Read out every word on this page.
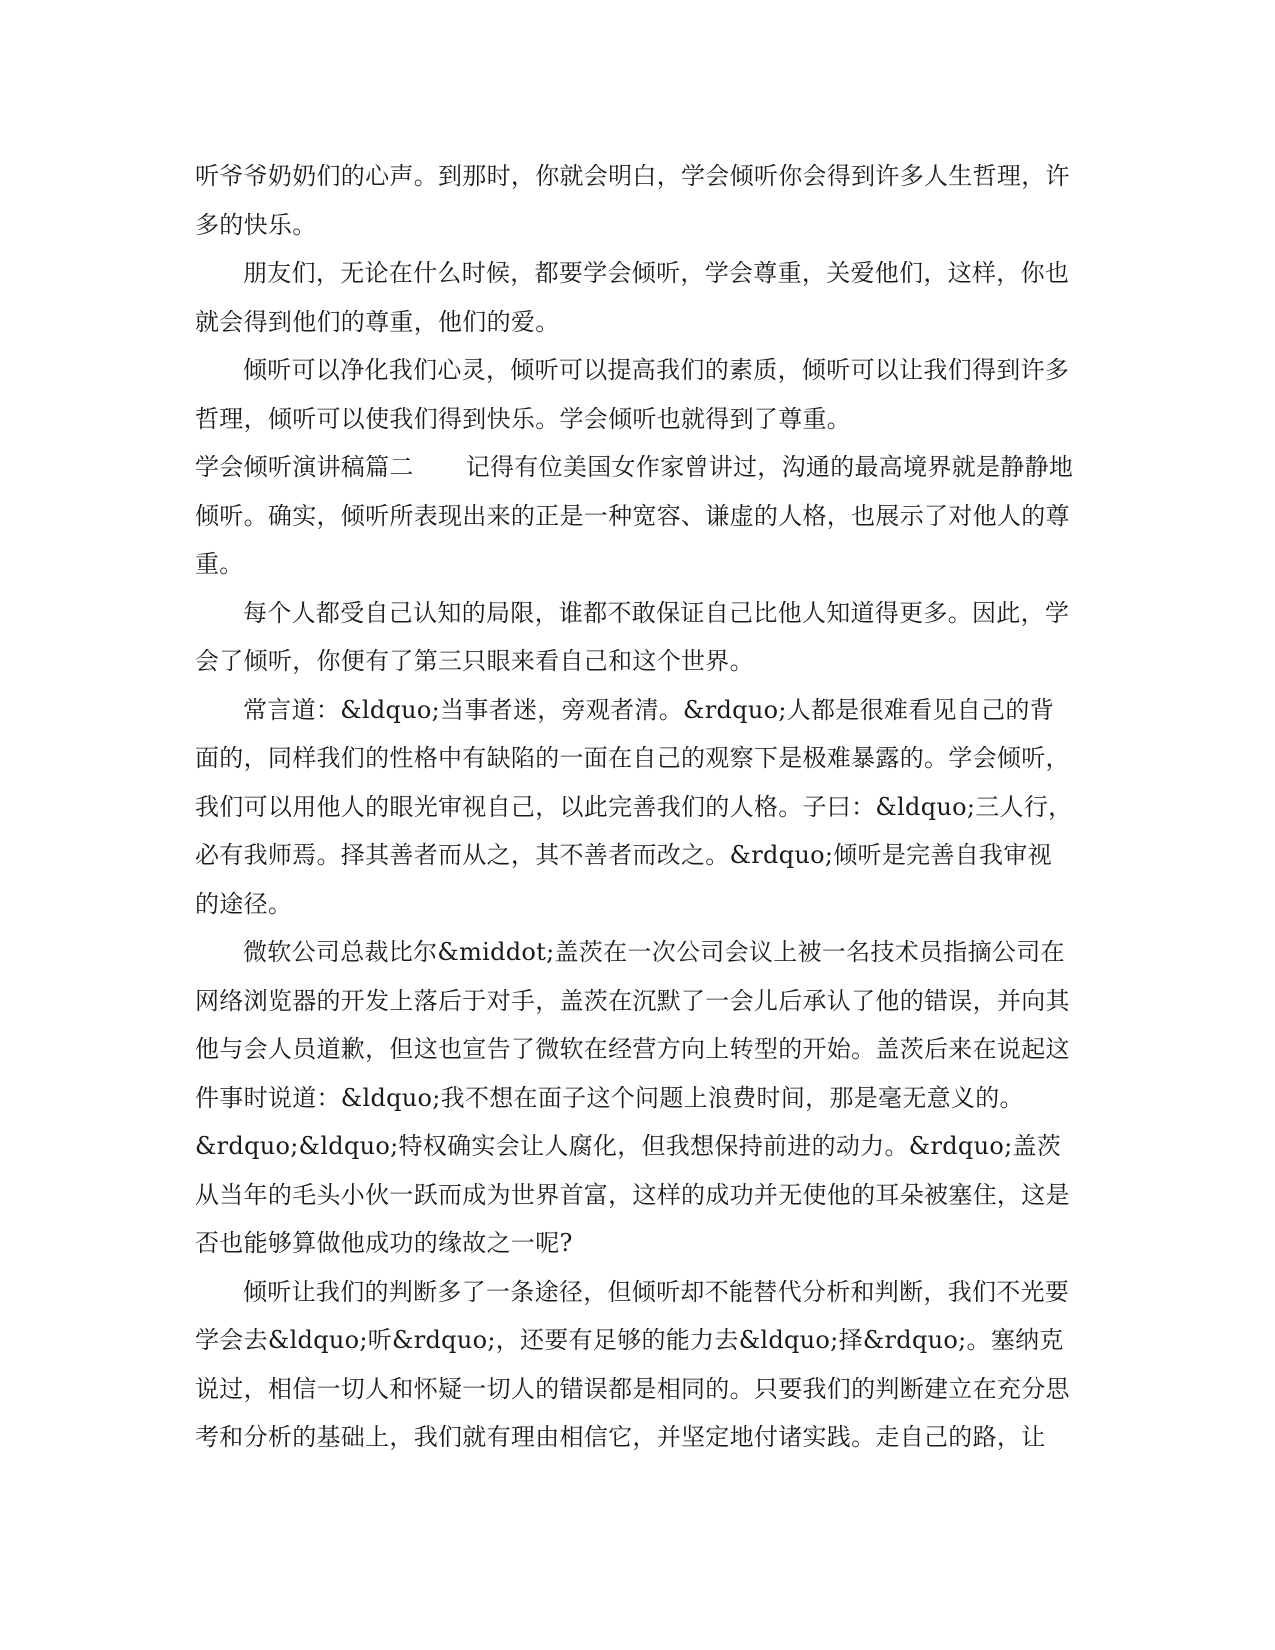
听爷爷奶奶们的心声。到那时，你就会明白，学会倾听你会得到许多人生哲理，许多的快乐。

朋友们，无论在什么时候，都要学会倾听，学会尊重，关爱他们，这样，你也就会得到他们的尊重，他们的爱。

倾听可以净化我们心灵，倾听可以提高我们的素质，倾听可以让我们得到许多哲理，倾听可以使我们得到快乐。学会倾听也就得到了尊重。

学会倾听演讲稿篇二 记得有位美国女作家曾讲过，沟通的最高境界就是静静地倾听。确实，倾听所表现出来的正是一种宽容、谦虚的人格，也展示了对他人的尊重。

每个人都受自己认知的局限，谁都不敢保证自己比他人知道得更多。因此，学会了倾听，你便有了第三只眼来看自己和这个世界。

常言道：&ldquo;当事者迷，旁观者清。&rdquo;人都是很难看见自己的背面的，同样我们的性格中有缺陷的一面在自己的观察下是极难暴露的。学会倾听，我们可以用他人的眼光审视自己，以此完善我们的人格。子曰：&ldquo;三人行，必有我师焉。择其善者而从之，其不善者而改之。&rdquo;倾听是完善自我审视的途径。

微软公司总裁比尔&middot;盖茨在一次公司会议上被一名技术员指摘公司在网络浏览器的开发上落后于对手，盖茨在沉默了一会儿后承认了他的错误，并向其他与会人员道歉，但这也宣告了微软在经营方向上转型的开始。盖茨后来在说起这件事时说道：&ldquo;我不想在面子这个问题上浪费时间，那是毫无意义的。&rdquo;&ldquo;特权确实会让人腐化，但我想保持前进的动力。&rdquo;盖茨从当年的毛头小伙一跃而成为世界首富，这样的成功并无使他的耳朵被塞住，这是否也能够算做他成功的缘故之一呢?

倾听让我们的判断多了一条途径，但倾听却不能替代分析和判断，我们不光要学会去&ldquo;听&rdquo;，还要有足够的能力去&ldquo;择&rdquo;。塞纳克说过，相信一切人和怀疑一切人的错误都是相同的。只要我们的判断建立在充分思考和分析的基础上，我们就有理由相信它，并坚定地付诸实践。走自己的路，让
